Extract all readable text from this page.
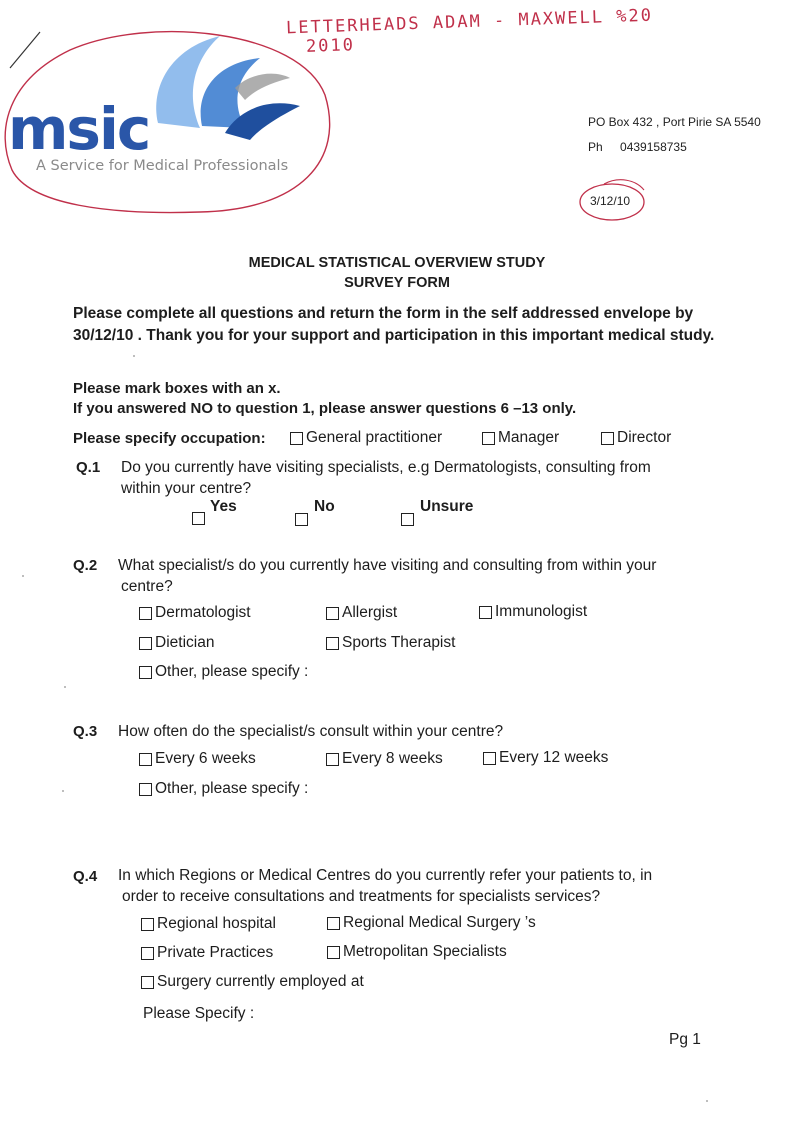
LETTERHEADS ADAM - MAXWELL %20
2010
msic
A Service for Medical Professionals
PO Box 432 , Port Pirie SA 5540
Ph 0439158735
3/12/10
MEDICAL STATISTICAL OVERVIEW STUDY
SURVEY FORM
Please complete all questions and return the form in the self addressed envelope by
30/12/10 . Thank you for your support and participation in this important medical study.
Please mark boxes with an x.
If you answered NO to question 1, please answer questions 6 –13 only.
Please specify occupation:	General practitioner	Manager	Director
Q.1 Do you currently have visiting specialists, e.g Dermatologists, consulting from
within your centre?
Yes	No	Unsure
Q.2 What specialist/s do you currently have visiting and consulting from within your
centre?
Dermatologist	Allergist	Immunologist
Dietician	Sports Therapist
Other, please specify :
Q.3 How often do the specialist/s consult within your centre?
Every 6 weeks	Every 8 weeks	Every 12 weeks
Other, please specify :
Q.4 In which Regions or Medical Centres do you currently refer your patients to, in
order to receive consultations and treatments for specialists services?
Regional hospital	Regional Medical Surgery ’s
Private Practices	Metropolitan Specialists
Surgery currently employed at
Please Specify :
Pg 1
